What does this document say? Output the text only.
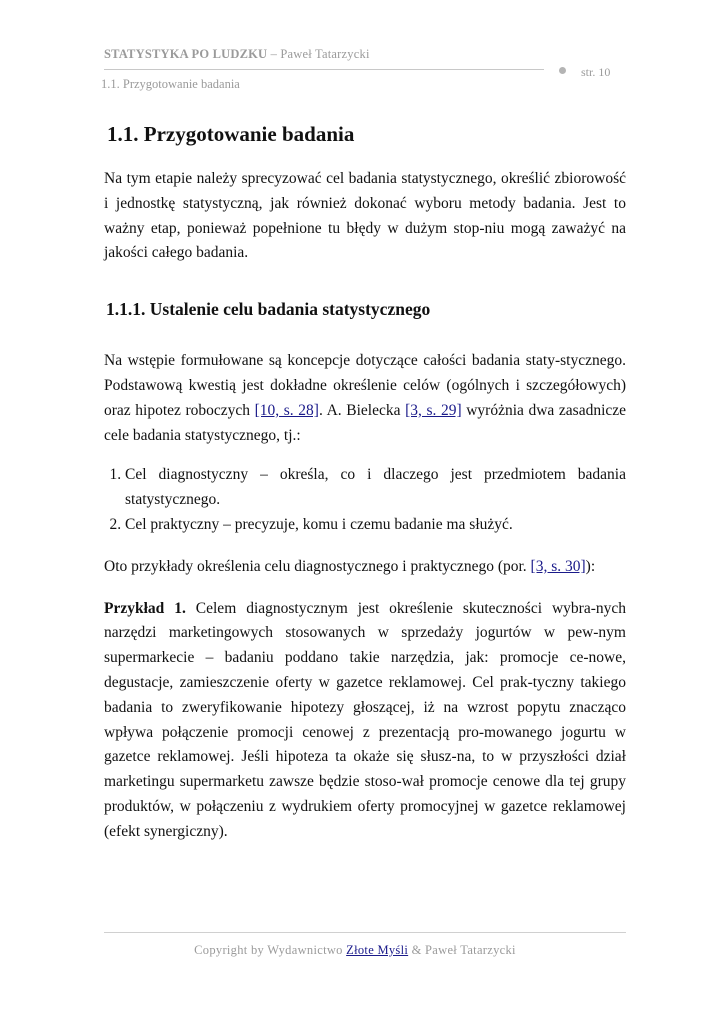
STATYSTYKA PO LUDZKU – Paweł Tatarzycki
str. 10
1.1. Przygotowanie badania
1.1. Przygotowanie badania

Na tym etapie należy sprecyzować cel badania statystycznego, określić zbiorowość i jednostkę statystyczną, jak również dokonać wyboru metody badania. Jest to ważny etap, ponieważ popełnione tu błędy w dużym stop-niu mogą zaważyć na jakości całego badania.

1.1.1. Ustalenie celu badania statystycznego

Na wstępie formułowane są koncepcje dotyczące całości badania staty-stycznego. Podstawową kwestią jest dokładne określenie celów (ogólnych i szczegółowych) oraz hipotez roboczych [10, s. 28]. A. Bielecka [3, s. 29] wyróżnia dwa zasadnicze cele badania statystycznego, tj.:

1. Cel diagnostyczny – określa, co i dlaczego jest przedmiotem badania statystycznego.
2. Cel praktyczny – precyzuje, komu i czemu badanie ma służyć.

Oto przykłady określenia celu diagnostycznego i praktycznego (por. [3, s. 30]):

Przykład 1. Celem diagnostycznym jest określenie skuteczności wybra-nych narzędzi marketingowych stosowanych w sprzedaży jogurtów w pew-nym supermarkecie – badaniu poddano takie narzędzia, jak: promocje ce-nowe, degustacje, zamieszczenie oferty w gazetce reklamowej. Cel prak-tyczny takiego badania to zweryfikowanie hipotezy głoszącej, iż na wzrost popytu znacząco wpływa połączenie promocji cenowej z prezentacją pro-mowanego jogurtu w gazetce reklamowej. Jeśli hipoteza ta okaże się słusz-na, to w przyszłości dział marketingu supermarketu zawsze będzie stoso-wał promocje cenowe dla tej grupy produktów, w połączeniu z wydrukiem oferty promocyjnej w gazetce reklamowej (efekt synergiczny).

Copyright by Wydawnictwo Złote Myśli & Paweł Tatarzycki
